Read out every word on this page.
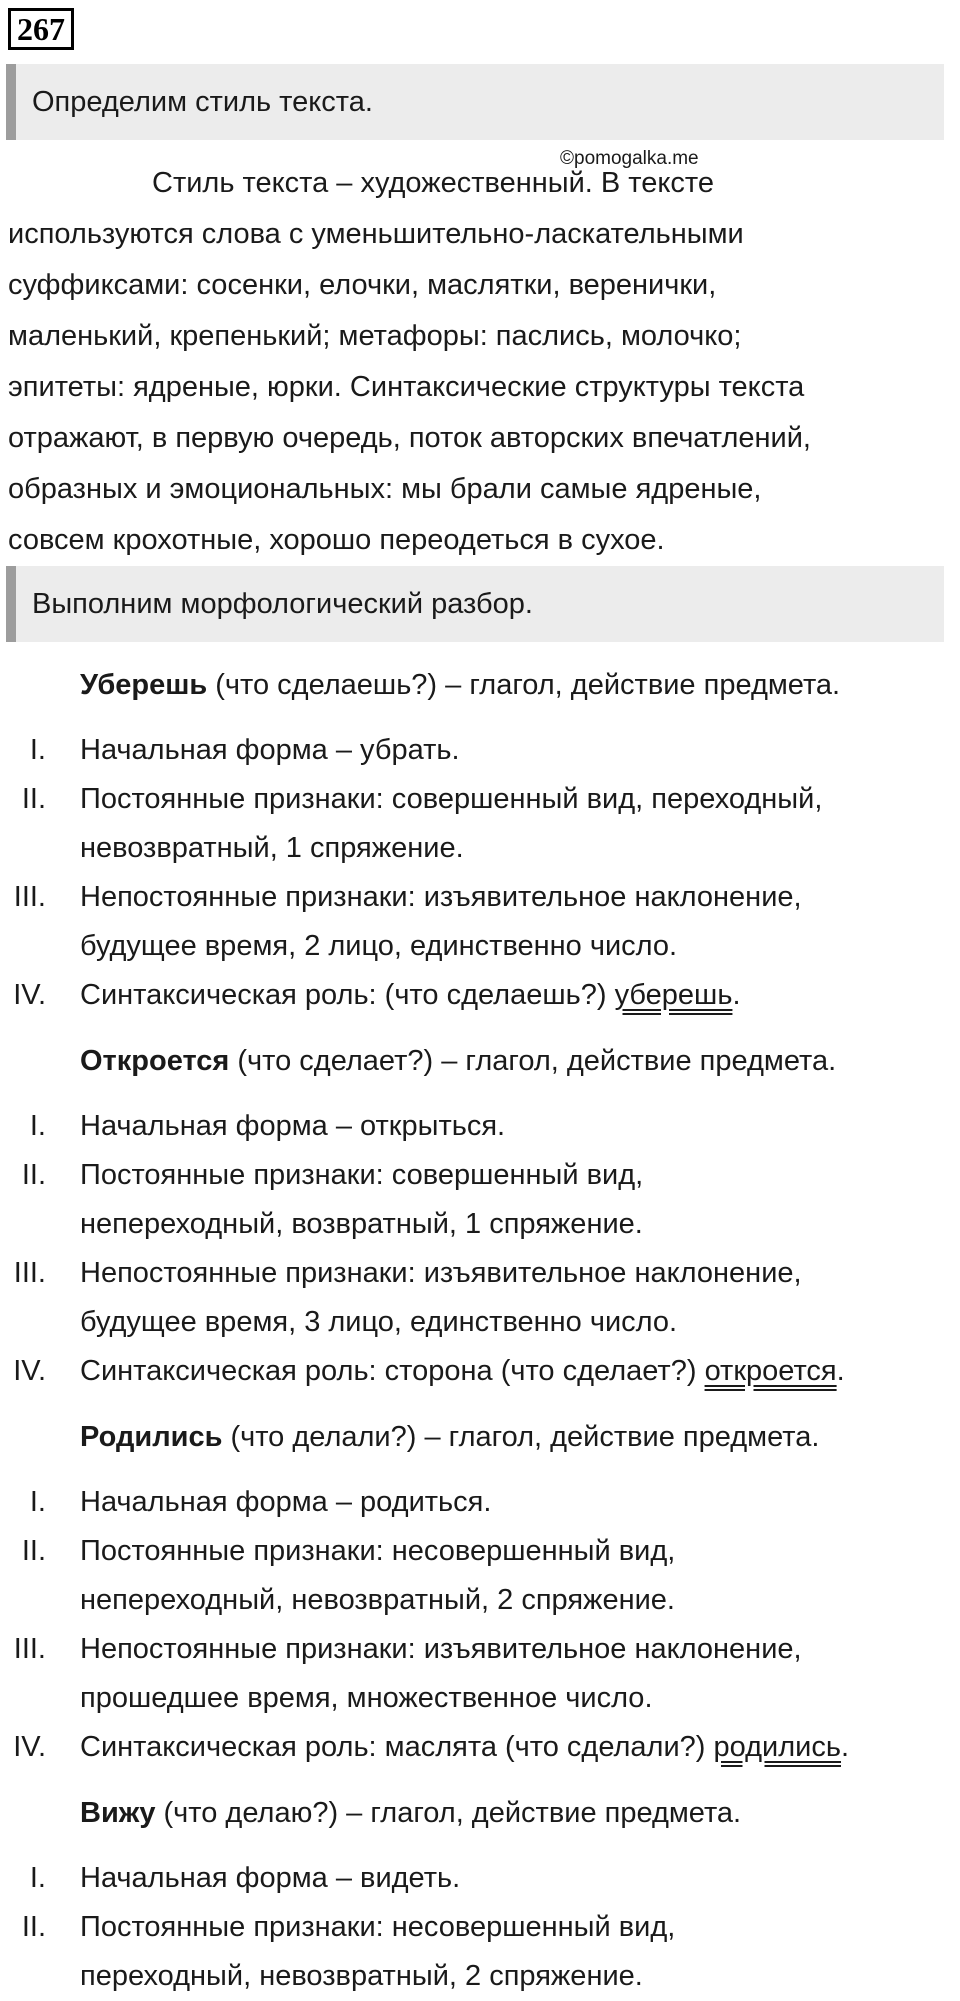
267
Определим стиль текста.
©pomogalka.me
Стиль текста – художественный. В тексте
используются слова с уменьшительно-ласкательными
суффиксами: сосенки, елочки, маслятки, веренички,
маленький, крепенький; метафоры: паслись, молочко;
эпитеты: ядреные, юрки. Синтаксические структуры текста
отражают, в первую очередь, поток авторских впечатлений,
образных и эмоциональных: мы брали самые ядреные,
совсем крохотные, хорошо переодеться в сухое.
Выполним морфологический разбор.
Уберешь (что сделаешь?) – глагол, действие предмета.
I. Начальная форма – убрать.
II. Постоянные признаки: совершенный вид, переходный,
невозвратный, 1 спряжение.
III. Непостоянные признаки: изъявительное наклонение,
будущее время, 2 лицо, единственно число.
IV. Синтаксическая роль: (что сделаешь?) уберешь.
Откроется (что сделает?) – глагол, действие предмета.
I. Начальная форма – открыться.
II. Постоянные признаки: совершенный вид,
непереходный, возвратный, 1 спряжение.
III. Непостоянные признаки: изъявительное наклонение,
будущее время, 3 лицо, единственно число.
IV. Синтаксическая роль: сторона (что сделает?) откроется.
Родились (что делали?) – глагол, действие предмета.
I. Начальная форма – родиться.
II. Постоянные признаки: несовершенный вид,
непереходный, невозвратный, 2 спряжение.
III. Непостоянные признаки: изъявительное наклонение,
прошедшее время, множественное число.
IV. Синтаксическая роль: маслята (что сделали?) родились.
Вижу (что делаю?) – глагол, действие предмета.
I. Начальная форма – видеть.
II. Постоянные признаки: несовершенный вид,
переходный, невозвратный, 2 спряжение.
